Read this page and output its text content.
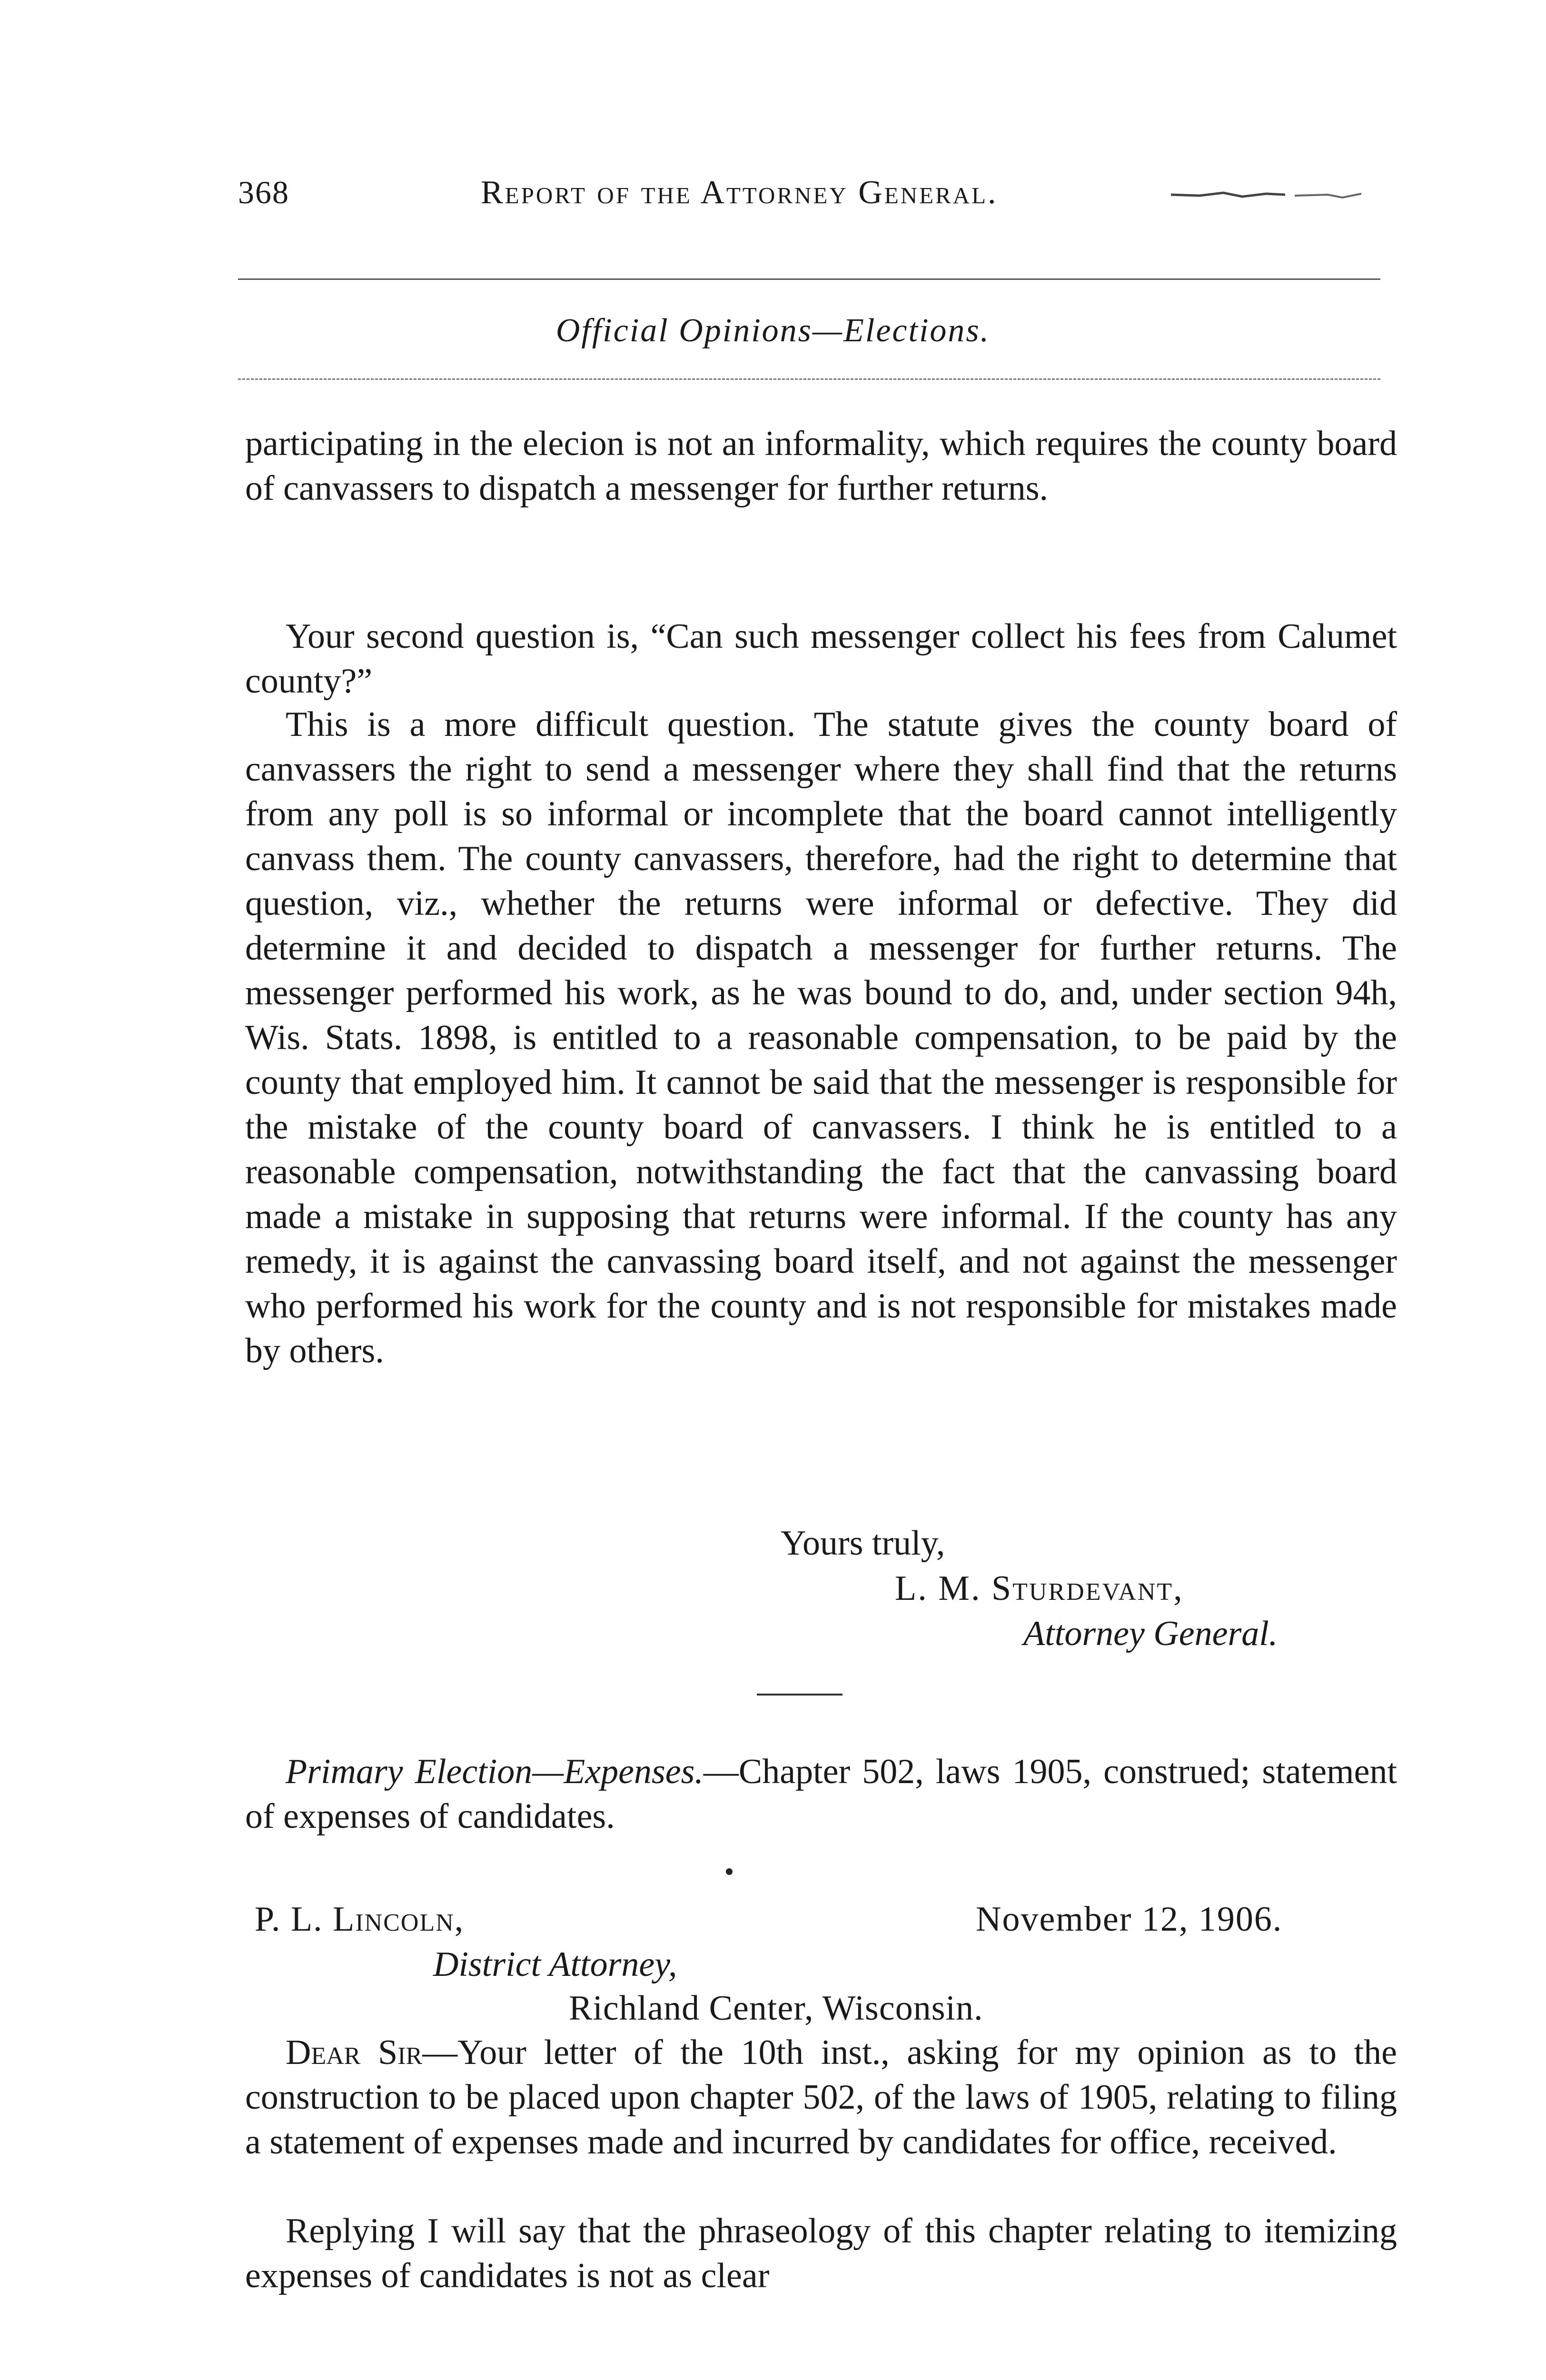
368	Report of the Attorney General.
Official Opinions—Elections.

participating in the elecion is not an informality, which requires the county board of canvassers to dispatch a messenger for further returns.

Your second question is, “Can such messenger collect his fees from Calumet county?”

This is a more difficult question. The statute gives the county board of canvassers the right to send a messenger where they shall find that the returns from any poll is so informal or incomplete that the board cannot intelligently canvass them. The county canvassers, therefore, had the right to determine that question, viz., whether the returns were informal or defective. They did determine it and decided to dispatch a messenger for further returns. The messenger performed his work, as he was bound to do, and, under section 94h, Wis. Stats. 1898, is entitled to a reasonable compensation, to be paid by the county that employed him. It cannot be said that the messenger is responsible for the mistake of the county board of canvassers. I think he is entitled to a reasonable compensation, notwithstanding the fact that the canvassing board made a mistake in supposing that returns were informal. If the county has any remedy, it is against the canvassing board itself, and not against the messenger who performed his work for the county and is not responsible for mistakes made by others.

Yours truly,
L. M. Sturdevant,
Attorney General.
Primary Election—Expenses.—Chapter 502, laws 1905, construed; statement of expenses of candidates.
P. L. Lincoln,	November 12, 1906.
District Attorney,
Richland Center, Wisconsin.

Dear Sir—Your letter of the 10th inst., asking for my opinion as to the construction to be placed upon chapter 502, of the laws of 1905, relating to filing a statement of expenses made and incurred by candidates for office, received.

Replying I will say that the phraseology of this chapter relating to itemizing expenses of candidates is not as clear
